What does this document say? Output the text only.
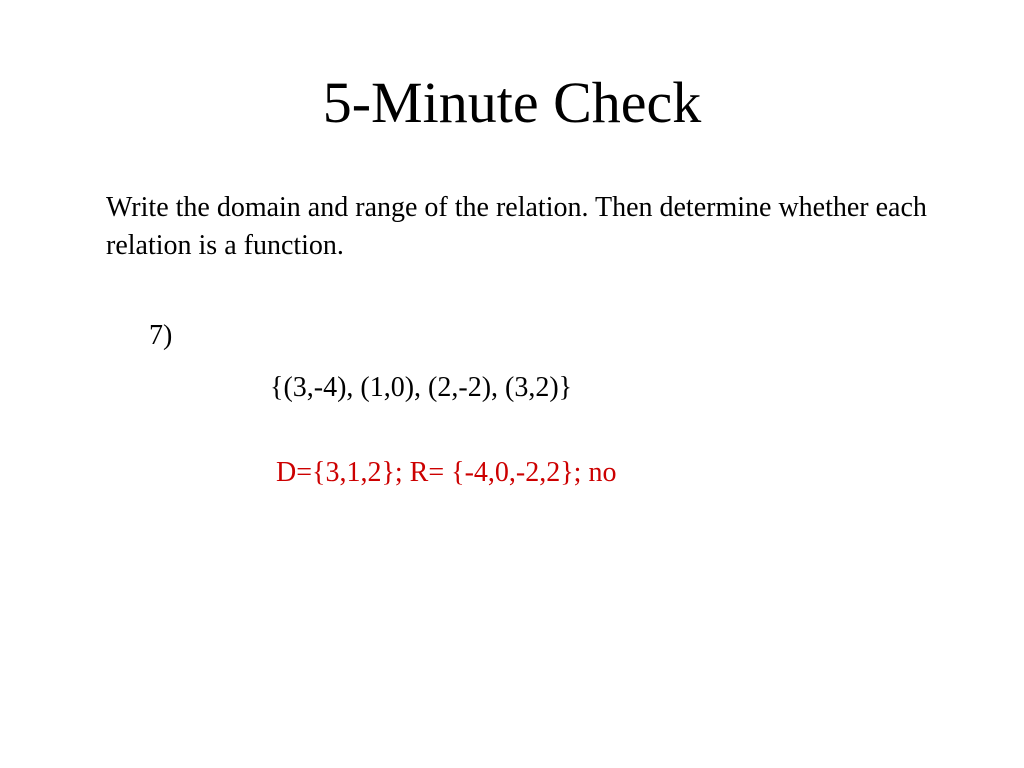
5-Minute Check

Write the domain and range of the relation. Then determine whether each relation is a function.

7)

{(3,-4), (1,0), (2,-2), (3,2)}

D={3,1,2}; R= {-4,0,-2,2}; no
